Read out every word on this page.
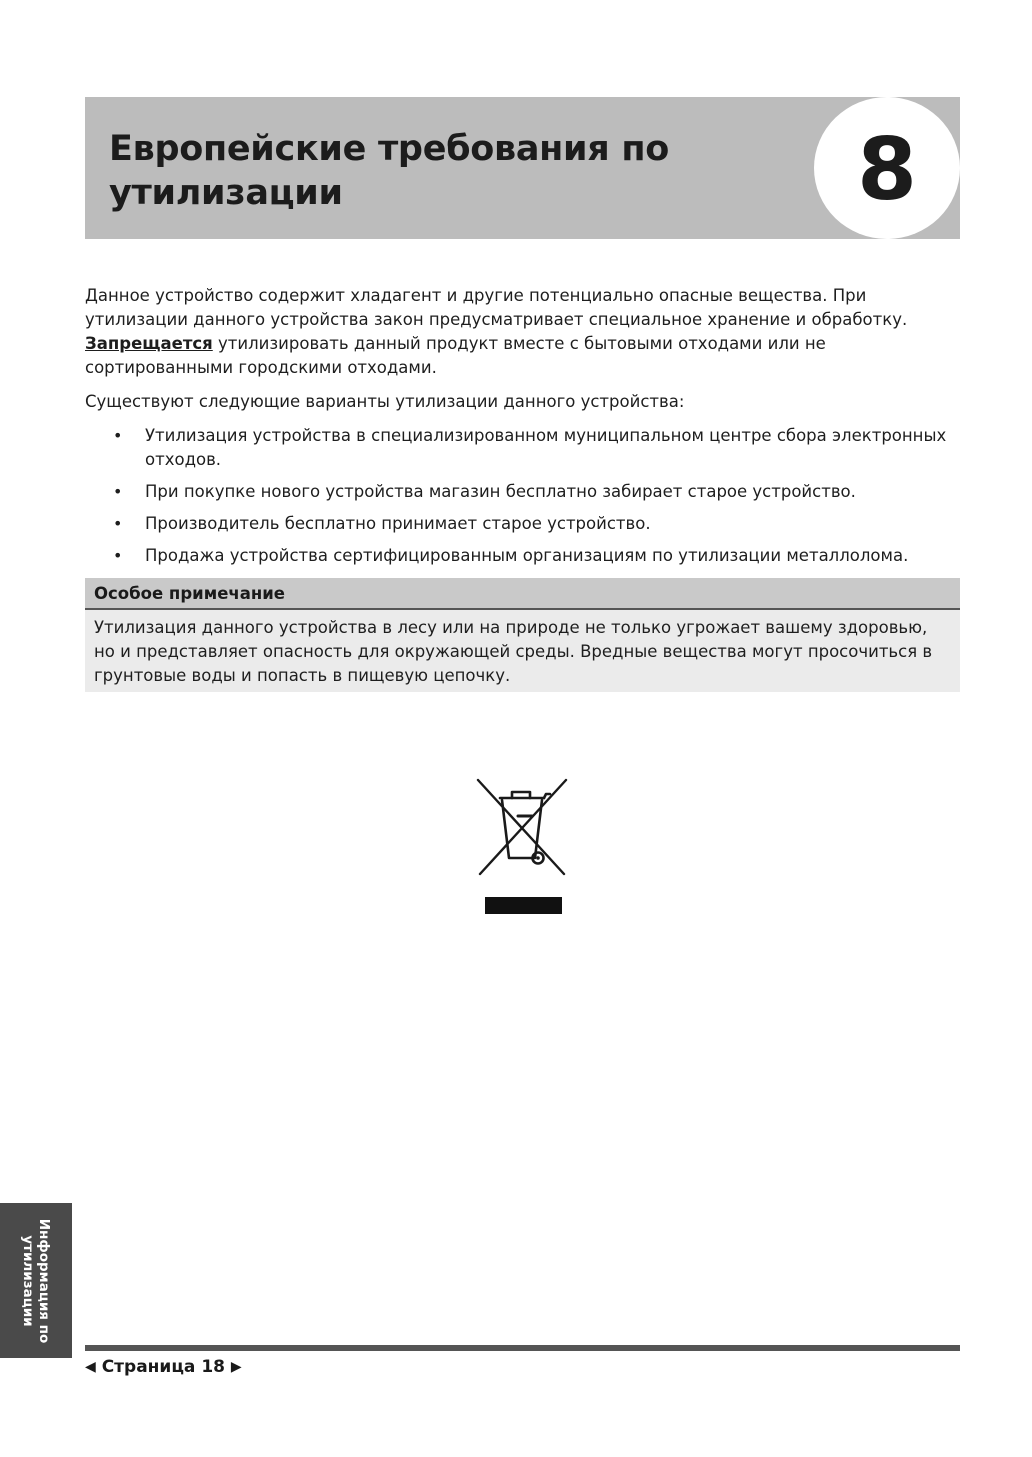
Европейские требования по
утилизации	8

Данное устройство содержит хладагент и другие потенциально опасные вещества. При утилизации данного устройства закон предусматривает специальное хранение и обработку. Запрещается утилизировать данный продукт вместе с бытовыми отходами или не сортированными городскими отходами.

Существуют следующие варианты утилизации данного устройства:

• Утилизация устройства в специализированном муниципальном центре сбора электронных отходов.
• При покупке нового устройства магазин бесплатно забирает старое устройство.
• Производитель бесплатно принимает старое устройство.
• Продажа устройства сертифицированным организациям по утилизации металлолома.
Особое примечание
Утилизация данного устройства в лесу или на природе не только угрожает вашему здоровью, но и представляет опасность для окружающей среды. Вредные вещества могут просочиться в грунтовые воды и попасть в пищевую цепочку.
Информация по
утилизации
◀ Страница 18 ▶
